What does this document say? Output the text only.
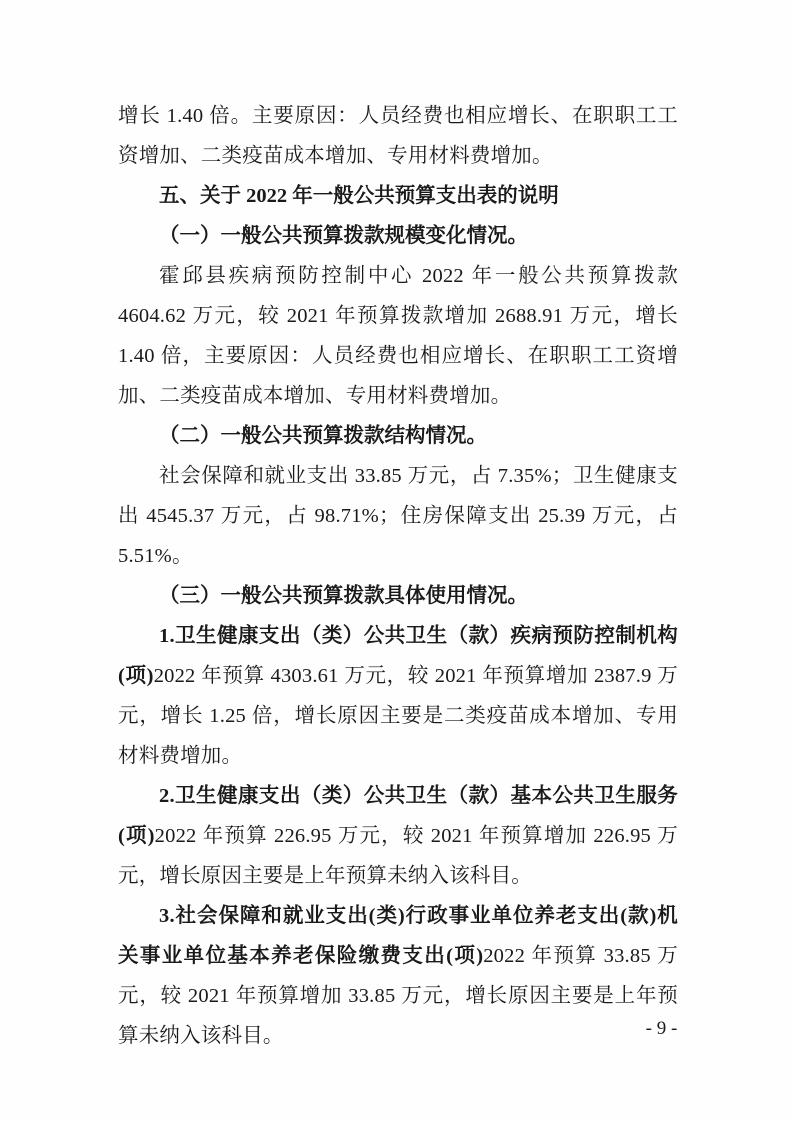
增长 1.40 倍。主要原因：人员经费也相应增长、在职职工工资增加、二类疫苗成本增加、专用材料费增加。

五、关于 2022 年一般公共预算支出表的说明

（一）一般公共预算拨款规模变化情况。

霍邱县疾病预防控制中心 2022 年一般公共预算拨款 4604.62 万元，较 2021 年预算拨款增加 2688.91 万元，增长 1.40 倍，主要原因：人员经费也相应增长、在职职工工资增加、二类疫苗成本增加、专用材料费增加。

（二）一般公共预算拨款结构情况。

社会保障和就业支出 33.85 万元，占 7.35%；卫生健康支出 4545.37 万元，占 98.71%；住房保障支出 25.39 万元，占 5.51%。

（三）一般公共预算拨款具体使用情况。

1.卫生健康支出（类）公共卫生（款）疾病预防控制机构(项)2022 年预算 4303.61 万元，较 2021 年预算增加 2387.9 万元，增长 1.25 倍，增长原因主要是二类疫苗成本增加、专用材料费增加。

2.卫生健康支出（类）公共卫生（款）基本公共卫生服务(项)2022 年预算 226.95 万元，较 2021 年预算增加 226.95 万元，增长原因主要是上年预算未纳入该科目。

3.社会保障和就业支出(类)行政事业单位养老支出(款)机关事业单位基本养老保险缴费支出(项)2022 年预算 33.85 万元，较 2021 年预算增加 33.85 万元，增长原因主要是上年预算未纳入该科目。	- 9 -
